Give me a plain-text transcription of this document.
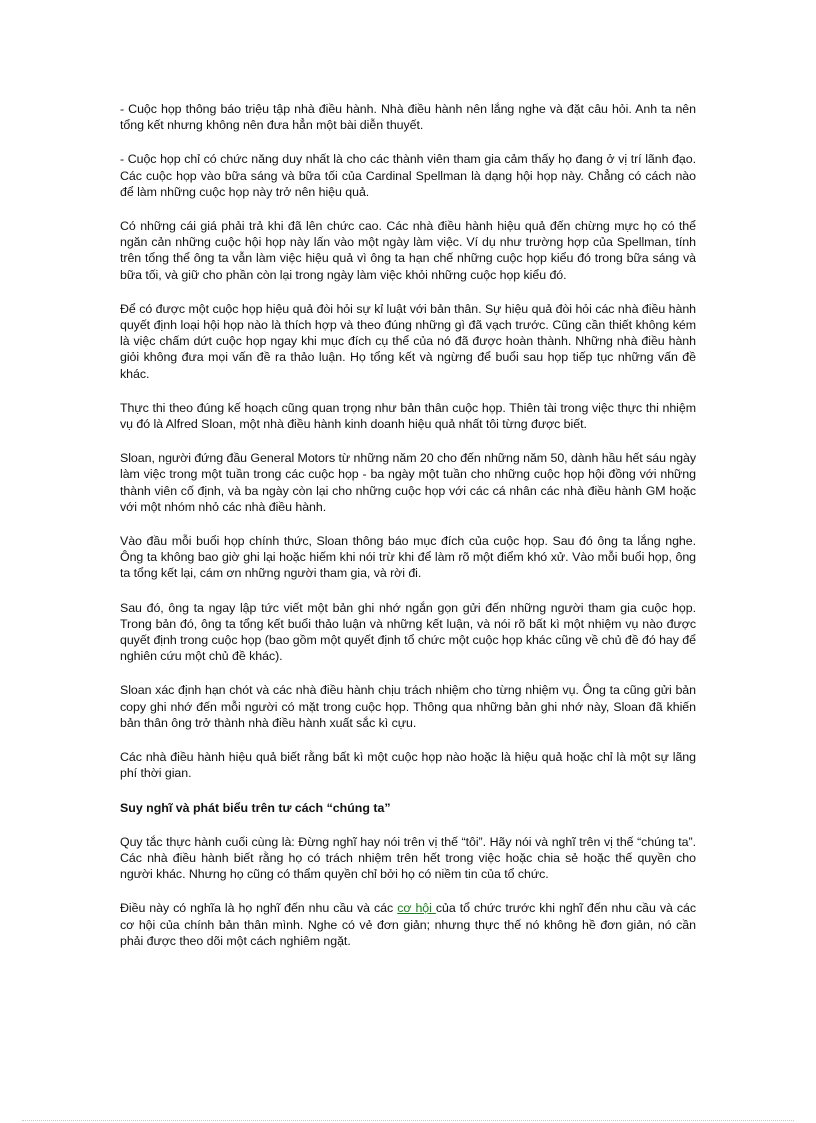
- Cuộc họp thông báo triệu tập nhà điều hành. Nhà điều hành nên lắng nghe và đặt câu hỏi. Anh ta nên tổng kết nhưng không nên đưa hẳn một bài diễn thuyết.

- Cuộc họp chỉ có chức năng duy nhất là cho các thành viên tham gia cảm thấy họ đang ở vị trí lãnh đạo. Các cuộc họp vào bữa sáng và bữa tối của Cardinal Spellman là dạng hội họp này. Chẳng có cách nào để làm những cuộc họp này trở nên hiệu quả.

Có những cái giá phải trả khi đã lên chức cao. Các nhà điều hành hiệu quả đến chừng mực họ có thể ngăn cản những cuộc hội họp này lấn vào một ngày làm việc. Ví dụ như trường hợp của Spellman, tính trên tổng thể ông ta vẫn làm việc hiệu quả vì ông ta hạn chế những cuộc họp kiểu đó trong bữa sáng và bữa tối, và giữ cho phần còn lại trong ngày làm việc khỏi những cuộc họp kiểu đó.

Để có được một cuộc họp hiệu quả đòi hỏi sự kỉ luật với bản thân. Sự hiệu quả đòi hỏi các nhà điều hành quyết định loại hội họp nào là thích hợp và theo đúng những gì đã vạch trước. Cũng cần thiết không kém là việc chấm dứt cuộc họp ngay khi mục đích cụ thể của nó đã được hoàn thành. Những nhà điều hành giỏi không đưa mọi vấn đề ra thảo luận. Họ tổng kết và ngừng để buổi sau họp tiếp tục những vấn đề khác.

Thực thi theo đúng kế hoạch cũng quan trọng như bản thân cuộc họp. Thiên tài trong việc thực thi nhiệm vụ đó là Alfred Sloan, một nhà điều hành kinh doanh hiệu quả nhất tôi từng được biết.

Sloan, người đứng đầu General Motors từ những năm 20 cho đến những năm 50, dành hầu hết sáu ngày làm việc trong một tuần trong các cuộc họp - ba ngày một tuần cho những cuộc họp hội đồng với những thành viên cố định, và ba ngày còn lại cho những cuộc họp với các cá nhân các nhà điều hành GM hoặc với một nhóm nhỏ các nhà điều hành.

Vào đầu mỗi buổi họp chính thức, Sloan thông báo mục đích của cuộc họp. Sau đó ông ta lắng nghe. Ông ta không bao giờ ghi lại hoặc hiếm khi nói trừ khi để làm rõ một điểm khó xử. Vào mỗi buổi họp, ông ta tổng kết lại, cám ơn những người tham gia, và rời đi.

Sau đó, ông ta ngay lập tức viết một bản ghi nhớ ngắn gọn gửi đến những người tham gia cuộc họp. Trong bản đó, ông ta tổng kết buổi thảo luận và những kết luận, và nói rõ bất kì một nhiệm vụ nào được quyết định trong cuộc họp (bao gồm một quyết định tổ chức một cuộc họp khác cũng về chủ đề đó hay để nghiên cứu một chủ đề khác).

Sloan xác định hạn chót và các nhà điều hành chịu trách nhiệm cho từng nhiệm vụ. Ông ta cũng gửi bản copy ghi nhớ đến mỗi người có mặt trong cuộc họp. Thông qua những bản ghi nhớ này, Sloan đã khiến bản thân ông trở thành nhà điều hành xuất sắc kì cựu.

Các nhà điều hành hiệu quả biết rằng bất kì một cuộc họp nào hoặc là hiệu quả hoặc chỉ là một sự lãng phí thời gian.

Suy nghĩ và phát biểu trên tư cách “chúng ta”

Quy tắc thực hành cuối cùng là: Đừng nghĩ hay nói trên vị thế “tôi”. Hãy nói và nghĩ trên vị thế “chúng ta”. Các nhà điều hành biết rằng họ có trách nhiệm trên hết trong việc hoặc chia sẻ hoặc thế quyền cho người khác. Nhưng họ cũng có thẩm quyền chỉ bởi họ có niềm tin của tổ chức.

Điều này có nghĩa là họ nghĩ đến nhu cầu và các cơ hội của tổ chức trước khi nghĩ đến nhu cầu và các cơ hội của chính bản thân mình. Nghe có vẻ đơn giản; nhưng thực thế nó không hề đơn giản, nó cần phải được theo dõi một cách nghiêm ngặt.
